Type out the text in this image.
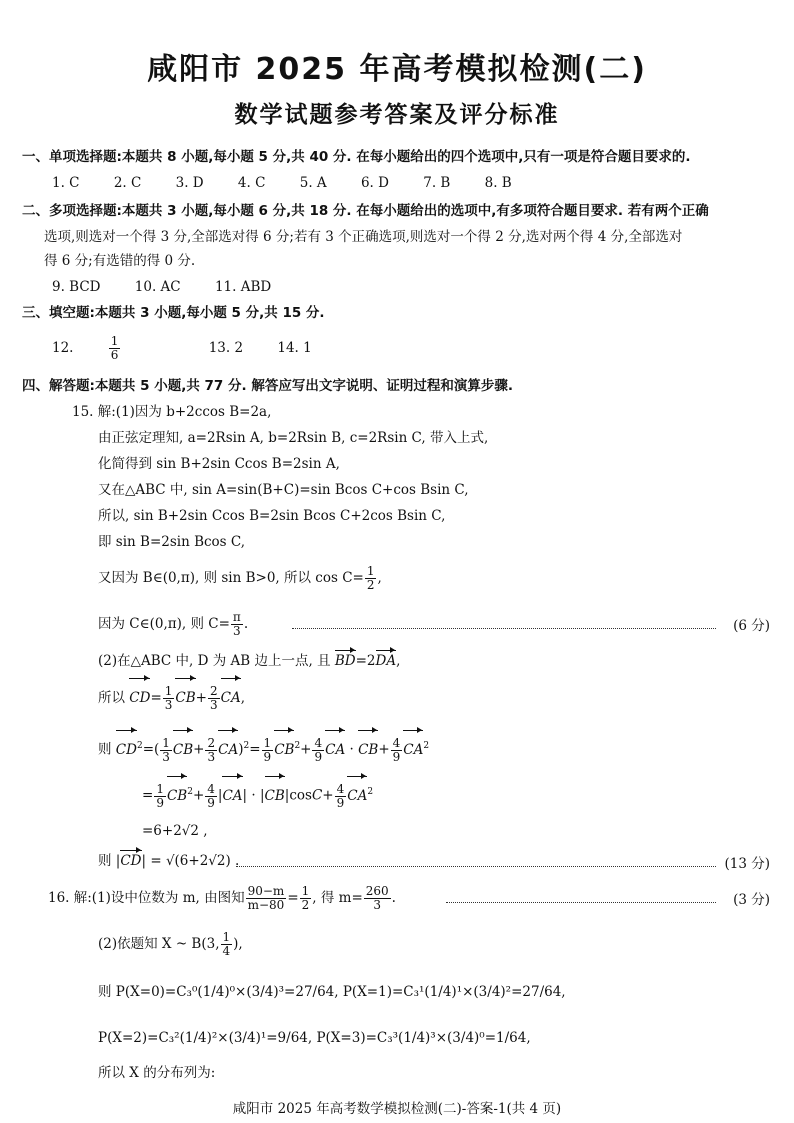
咸阳市 2025 年高考模拟检测(二)
数学试题参考答案及评分标准
一、单项选择题:本题共 8 小题,每小题 5 分,共 40 分. 在每小题给出的四个选项中,只有一项是符合题目要求的.
1. C	2. C	3. D	4. C	5. A	6. D	7. B	8. B
二、多项选择题:本题共 3 小题,每小题 6 分,共 18 分. 在每小题给出的选项中,有多项符合题目要求. 若有两个正确
选项,则选对一个得 3 分,全部选对得 6 分;若有 3 个正确选项,则选对一个得 2 分,选对两个得 4 分,全部选对
得 6 分;有选错的得 0 分.
9. BCD	10. AC	11. ABD
三、填空题:本题共 3 小题,每小题 5 分,共 15 分.
12.	$\frac{1}{6}$	13. 2	14. 1
四、解答题:本题共 5 小题,共 77 分. 解答应写出文字说明、证明过程和演算步骤.
15. 解:(1)因为 b+2ccos B=2a,
由正弦定理知, a=2Rsin A, b=2Rsin B, c=2Rsin C, 带入上式,
化简得到 sin B+2sin Ccos B=2sin A,
又在△ABC 中, sin A=sin(B+C)=sin Bcos C+cos Bsin C,
所以, sin B+2sin Ccos B=2sin Bcos C+2cos Bsin C,
即 sin B=2sin Bcos C,
又因为 B∈(0,π), 则 sin B>0, 所以 $\cos C= \frac{1}{2}$ ,
因为 C∈(0,π), 则 $C= \frac{\pi}{3}$ .	(6 分)
(2)在△ABC 中, D 为 AB 边上一点, 且 BD=2DA,
所以 $CD= \frac{1}{3} CB+ \frac{2}{3}$ CA,
则 $CD^2=( \frac{1}{3} CB+ \frac{2}{3} CA)^2= \frac{1}{9} CB^2+ \frac{4}{9}$ CA · $CB+ \frac{4}{9} CA^2$
= $\frac{1}{9} CB^2+ \frac{4}{9} |CA| \cdot |CB|\cos C+ \frac{4}{9} CA^2$
=6+2√2 ,
则 |CD| = √(6+2√2) .	(13 分)
16. 解:(1)设中位数为 m, 由图知 $\frac{90-m}{m-80} = \frac{1}{2}$ , 得 $m= \frac{260}{3}$ .	(3 分)
(2)依题知 X ~ B(3, $\frac{1}{4}$ ),
则 P(X=0)=C₃⁰(1/4)⁰×(3/4)³=27/64, P(X=1)=C₃¹(1/4)¹×(3/4)²=27/64,
P(X=2)=C₃²(1/4)²×(3/4)¹=9/64, P(X=3)=C₃³(1/4)³×(3/4)⁰=1/64,
所以 X 的分布列为:
咸阳市 2025 年高考数学模拟检测(二)-答案-1(共 4 页)
